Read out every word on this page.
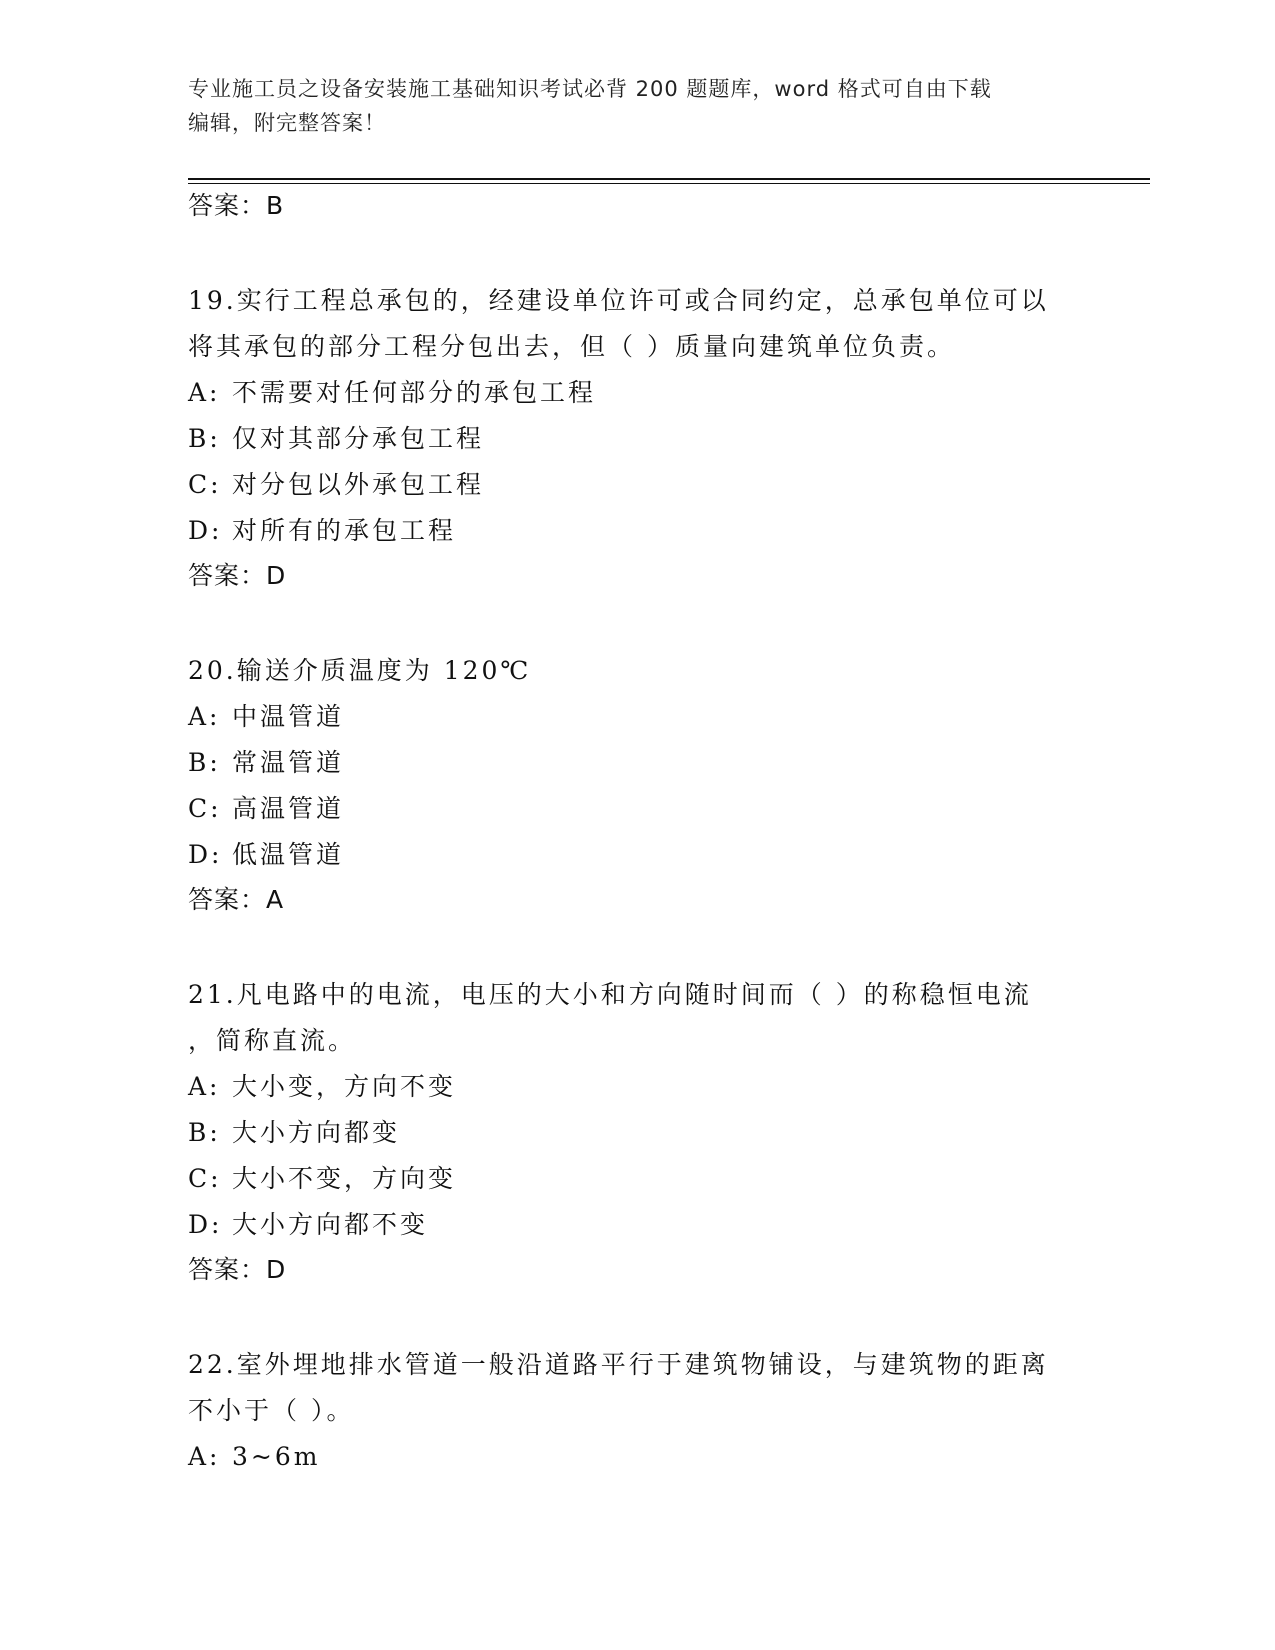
专业施工员之设备安装施工基础知识考试必背 200 题题库，word 格式可自由下载
编辑，附完整答案！

答案：B

19.实行工程总承包的，经建设单位许可或合同约定，总承包单位可以

将其承包的部分工程分包出去，但（ ）质量向建筑单位负责。

A: 不需要对任何部分的承包工程
B: 仅对其部分承包工程
C: 对分包以外承包工程
D: 对所有的承包工程

答案：D

20.输送介质温度为 120℃

A: 中温管道
B: 常温管道
C: 高温管道
D: 低温管道

答案：A

21.凡电路中的电流，电压的大小和方向随时间而（ ）的称稳恒电流

，简称直流。

A: 大小变，方向不变
B: 大小方向都变
C: 大小不变，方向变
D: 大小方向都不变

答案：D

22.室外埋地排水管道一般沿道路平行于建筑物铺设，与建筑物的距离

不小于（ ）。

A: 3~6m
